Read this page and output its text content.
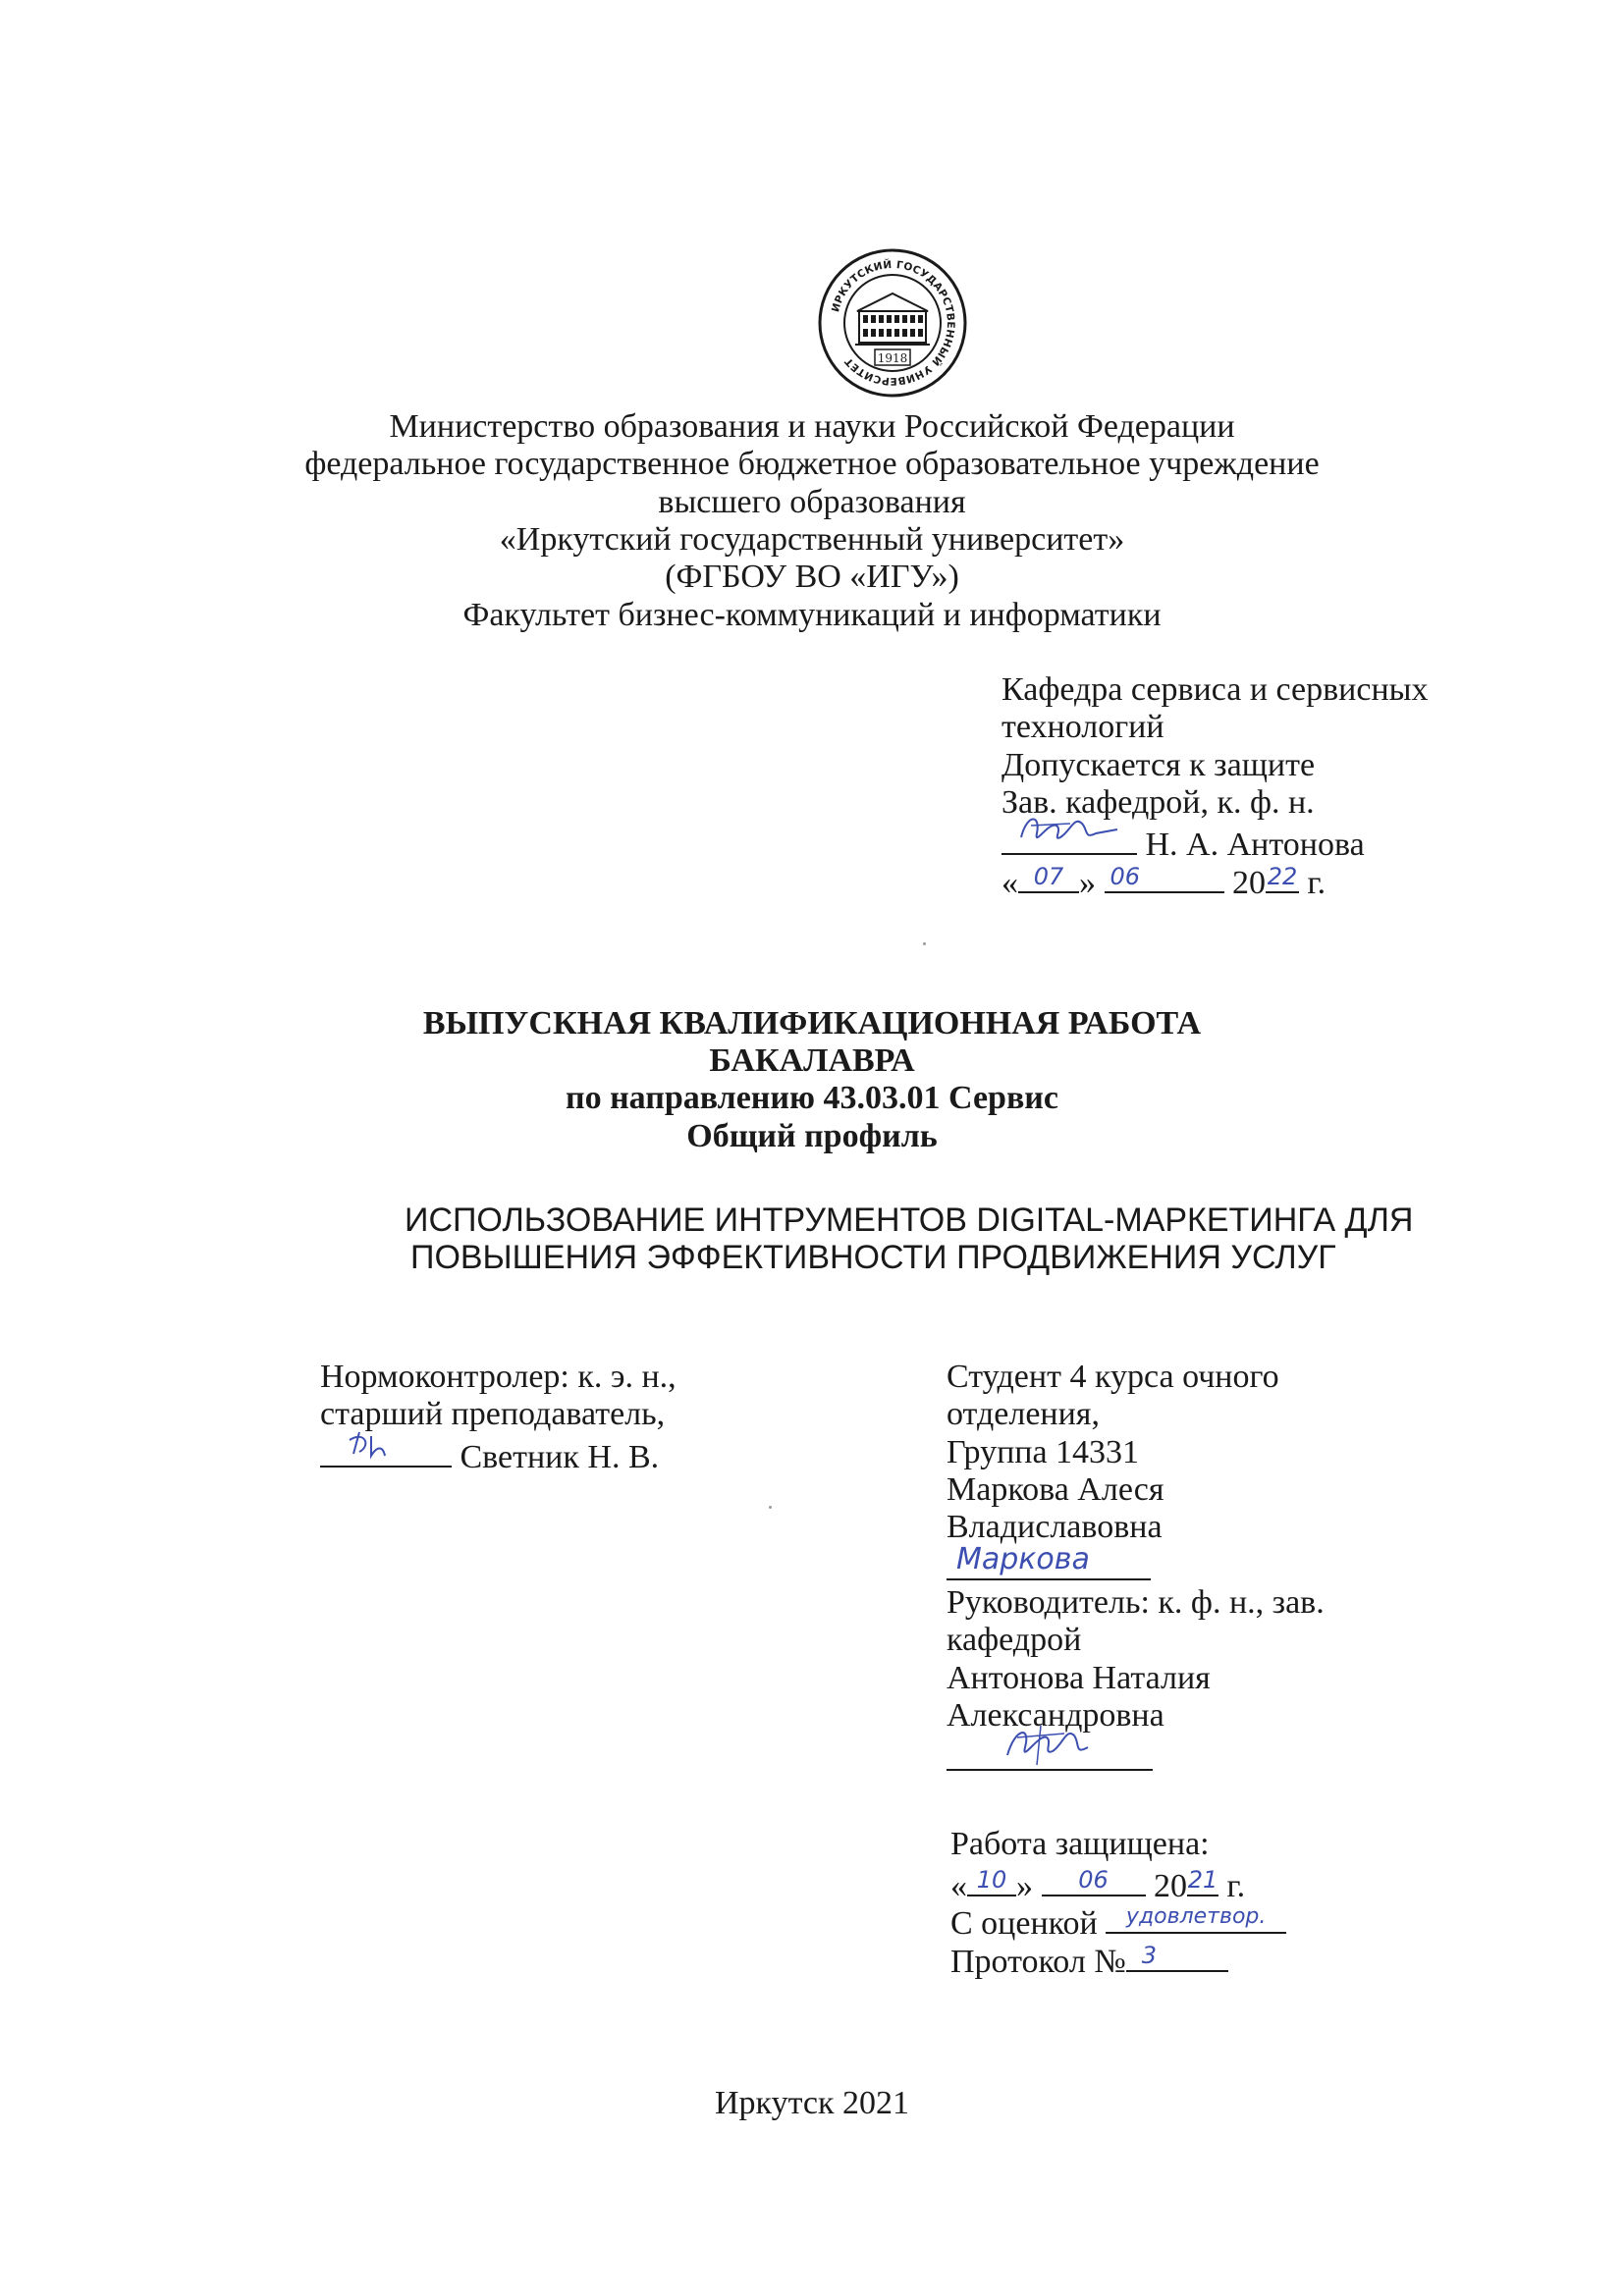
ИРКУТСКИЙ ГОСУДАРСТВЕННЫЙ УНИВЕРСИТЕТ	1918
Министерство образования и науки Российской Федерации
федеральное государственное бюджетное образовательное учреждение
высшего образования
«Иркутский государственный университет»
(ФГБОУ ВО «ИГУ»)
Факультет бизнес-коммуникаций и информатики
Кафедра сервиса и сервисных
технологий
Допускается к защите
Зав. кафедрой, к. ф. н.
Н. А. Антонова
« 07 » 06	20 22 г.
ВЫПУСКНАЯ КВАЛИФИКАЦИОННАЯ РАБОТА
БАКАЛАВРА
по направлению 43.03.01 Сервис
Общий профиль
ИСПОЛЬЗОВАНИЕ ИНТРУМЕНТОВ DIGITAL-МАРКЕТИНГА ДЛЯ
ПОВЫШЕНИЯ ЭФФЕКТИВНОСТИ ПРОДВИЖЕНИЯ УСЛУГ
Нормоконтролер: к. э. н.,
старший преподаватель,
Светник Н. В.
Студент 4 курса очного
отделения,
Группа 14331
Маркова Алеся
Владиславовна
Маркова
Руководитель: к. ф. н., зав.
кафедрой
Антонова Наталия
Александровна
Работа защищена:
« 10 »	06	20 21 г.
С оценкой	удовлетвор.
Протокол № 3
Иркутск 2021
